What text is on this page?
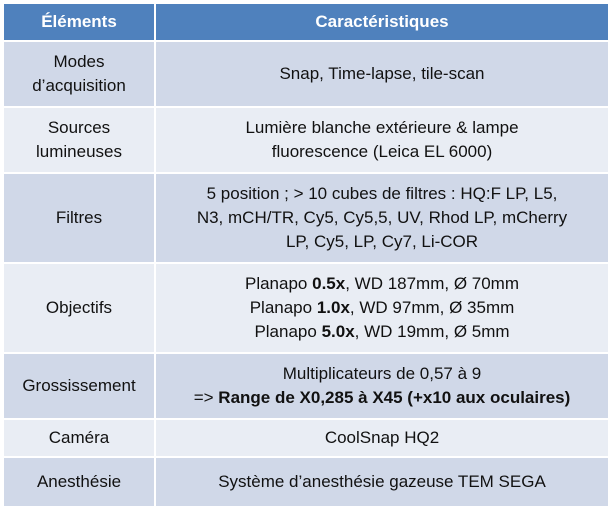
Éléments	Caractéristiques

Modes
d’acquisition	Snap, Time-lapse, tile-scan

Sources
lumineuses	Lumière blanche extérieure & lampe
fluorescence (Leica EL 6000)

Filtres	5 position ; > 10 cubes de filtres : HQ:F LP, L5,
N3, mCH/TR, Cy5, Cy5,5, UV, Rhod LP, mCherry
LP, Cy5, LP, Cy7, Li-COR

Objectifs	Planapo 0.5x, WD 187mm, Ø 70mm
Planapo 1.0x, WD 97mm, Ø 35mm
Planapo 5.0x, WD 19mm, Ø 5mm

Grossissement	Multiplicateurs de 0,57 à 9
=> Range de X0,285 à X45 (+x10 aux oculaires)

Caméra	CoolSnap HQ2

Anesthésie	Système d’anesthésie gazeuse TEM SEGA
